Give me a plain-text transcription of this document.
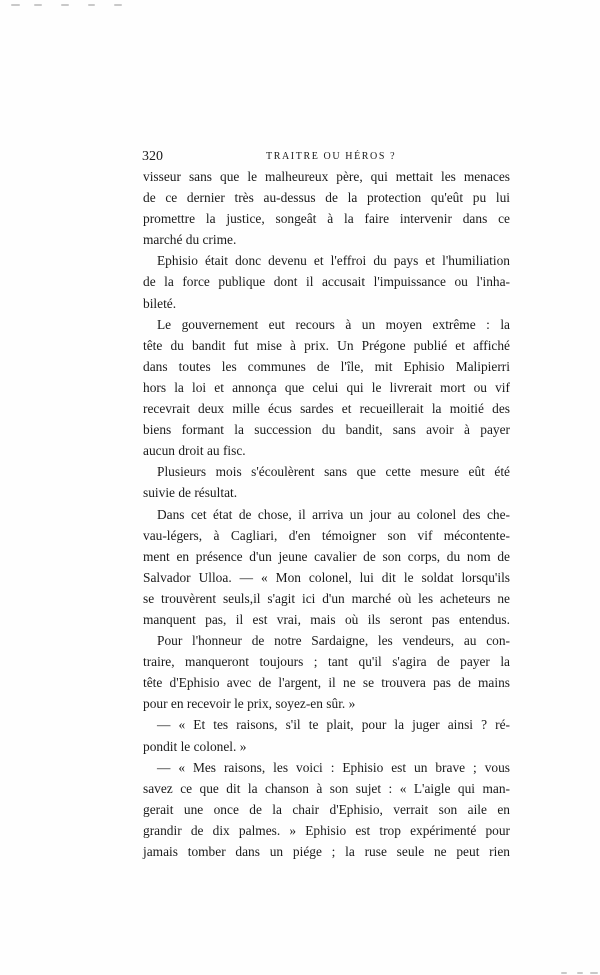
320	TRAITRE OU HÉROS ?
visseur sans que le malheureux père, qui mettait les menaces
de ce dernier très au-dessus de la protection qu'eût pu lui
promettre la justice, songeât à la faire intervenir dans ce
marché du crime.
Ephisio était donc devenu et l'effroi du pays et l'humiliation
de la force publique dont il accusait l'impuissance ou l'inha-
bileté.
Le gouvernement eut recours à un moyen extrême : la
tête du bandit fut mise à prix. Un Prégone publié et affiché
dans toutes les communes de l'île, mit Ephisio Malipierri
hors la loi et annonça que celui qui le livrerait mort ou vif
recevrait deux mille écus sardes et recueillerait la moitié des
biens formant la succession du bandit, sans avoir à payer
aucun droit au fisc.
Plusieurs mois s'écoulèrent sans que cette mesure eût été
suivie de résultat.
Dans cet état de chose, il arriva un jour au colonel des che-
vau-légers, à Cagliari, d'en témoigner son vif mécontente-
ment en présence d'un jeune cavalier de son corps, du nom de
Salvador Ulloa. — « Mon colonel, lui dit le soldat lorsqu'ils
se trouvèrent seuls,il s'agit ici d'un marché où les acheteurs ne
manquent pas, il est vrai, mais où ils seront pas entendus.
Pour l'honneur de notre Sardaigne, les vendeurs, au con-
traire, manqueront toujours ; tant qu'il s'agira de payer la
tête d'Ephisio avec de l'argent, il ne se trouvera pas de mains
pour en recevoir le prix, soyez-en sûr. »
— « Et tes raisons, s'il te plait, pour la juger ainsi ? ré-
pondit le colonel. »
— « Mes raisons, les voici : Ephisio est un brave ; vous
savez ce que dit la chanson à son sujet : « L'aigle qui man-
gerait une once de la chair d'Ephisio, verrait son aile en
grandir de dix palmes. » Ephisio est trop expérimenté pour
jamais tomber dans un piége ; la ruse seule ne peut rien
